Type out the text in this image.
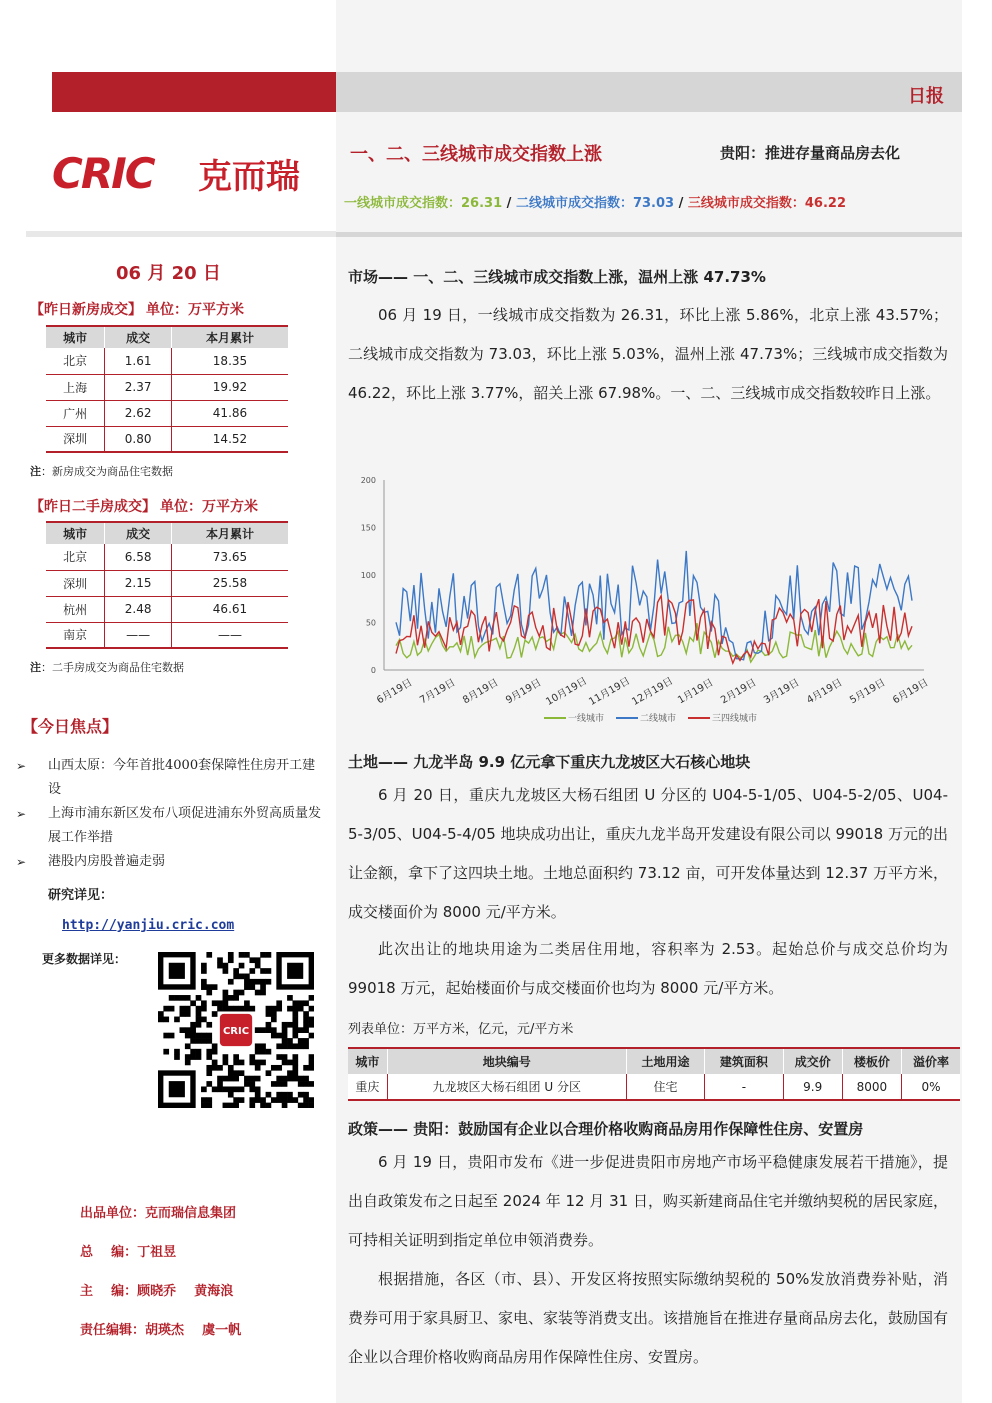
CRIC 克而瑞
06 月 20 日
【昨日新房成交】 单位：万平方米
城市	成交	本月累计
北京	1.61	18.35
上海	2.37	19.92
广州	2.62	41.86
深圳	0.80	14.52
注：新房成交为商品住宅数据
【昨日二手房成交】 单位：万平方米
城市	成交	本月累计
北京	6.58	73.65
深圳	2.15	25.58
杭州	2.48	46.61
南京	——	——
注：二手房成交为商品住宅数据
【今日焦点】
➢ 山西太原：今年首批4000套保障性住房开工建设
➢ 上海市浦东新区发布八项促进浦东外贸高质量发展工作举措
➢ 港股内房股普遍走弱
研究详见：
http://yanjiu.cric.com
更多数据详见：
CRIC
出品单位：克而瑞信息集团
总    编：丁祖昱
主    编：顾晓乔    黄海浪
责任编辑：胡瑛杰    虞一帆
日报
一、二、三线城市成交指数上涨	贵阳：推进存量商品房去化
一线城市成交指数：26.31 / 二线城市成交指数：73.03 / 三线城市成交指数：46.22
市场—— 一、二、三线城市成交指数上涨，温州上涨 47.73%
06 月 19 日，一线城市成交指数为 26.31，环比上涨 5.86%，北京上涨 43.57%；二线城市成交指数为 73.03，环比上涨 5.03%，温州上涨 47.73%；三线城市成交指数为 46.22，环比上涨 3.77%，韶关上涨 67.98%。一、二、三线城市成交指数较昨日上涨。
0
50
100
150
200
6月19日 7月19日 8月19日 9月19日 10月19日
11月19日
12月19日 1月19日 2月19日 3月19日 4月19日 5月19日 6月19日
一线城市	二线城市	三四线城市
土地—— 九龙半岛 9.9 亿元拿下重庆九龙坡区大石核心地块
6 月 20 日，重庆九龙坡区大杨石组团 U 分区的 U04-5-1/05、U04-5-2/05、U04-5-3/05、U04-5-4/05 地块成功出让，重庆九龙半岛开发建设有限公司以 99018 万元的出让金额，拿下了这四块土地。土地总面积约 73.12 亩，可开发体量达到 12.37 万平方米，成交楼面价为 8000 元/平方米。
此次出让的地块用途为二类居住用地，容积率为 2.53。起始总价与成交总价均为 99018 万元，起始楼面价与成交楼面价也均为 8000 元/平方米。
列表单位：万平方米，亿元，元/平方米
城市	地块编号	土地用途	建筑面积	成交价	楼板价	溢价率
重庆	九龙坡区大杨石组团 U 分区	住宅	-	9.9	8000	0%
政策—— 贵阳：鼓励国有企业以合理价格收购商品房用作保障性住房、安置房
6 月 19 日，贵阳市发布《进一步促进贵阳市房地产市场平稳健康发展若干措施》，提出自政策发布之日起至 2024 年 12 月 31 日，购买新建商品住宅并缴纳契税的居民家庭，可持相关证明到指定单位申领消费券。
根据措施，各区（市、县）、开发区将按照实际缴纳契税的 50%发放消费券补贴，消费券可用于家具厨卫、家电、家装等消费支出。该措施旨在推进存量商品房去化，鼓励国有企业以合理价格收购商品房用作保障性住房、安置房。
